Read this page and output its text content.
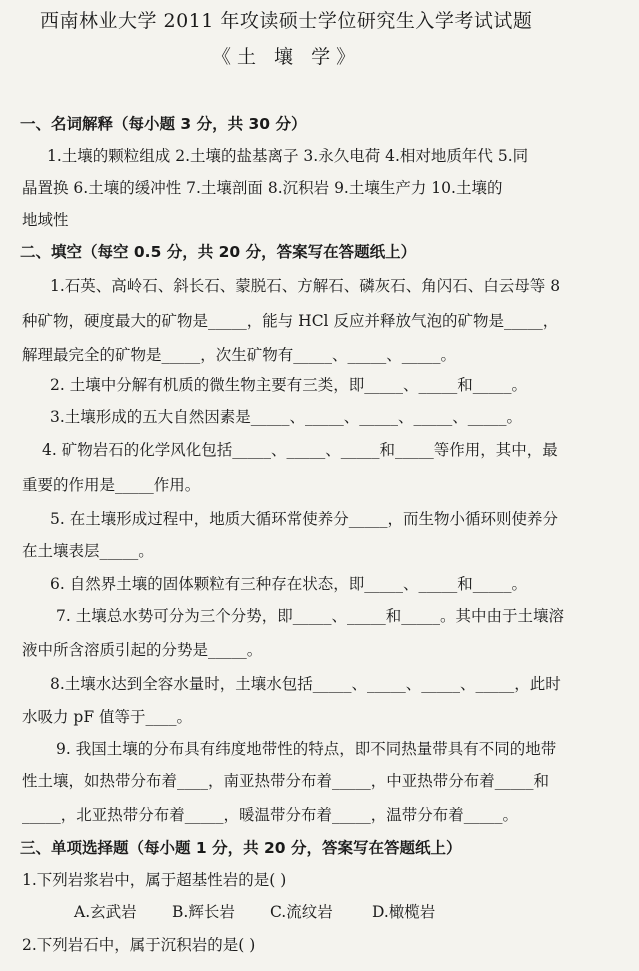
西南林业大学 2011 年攻读硕士学位研究生入学考试试题
《土 壤 学》
一、名词解释（每小题 3 分，共 30 分）
1.土壤的颗粒组成 2.土壤的盐基离子 3.永久电荷 4.相对地质年代 5.同
晶置换 6.土壤的缓冲性 7.土壤剖面 8.沉积岩 9.土壤生产力 10.土壤的
地域性
二、填空（每空 0.5 分，共 20 分，答案写在答题纸上）
1.石英、高岭石、斜长石、蒙脱石、方解石、磷灰石、角闪石、白云母等 8
种矿物，硬度最大的矿物是_____，能与 HCl 反应并释放气泡的矿物是_____，
解理最完全的矿物是_____，次生矿物有_____、_____、_____。
2. 土壤中分解有机质的微生物主要有三类，即_____、_____和_____。
3.土壤形成的五大自然因素是_____、_____、_____、_____、_____。
4. 矿物岩石的化学风化包括_____、_____、_____和_____等作用，其中，最
重要的作用是_____作用。
5. 在土壤形成过程中，地质大循环常使养分_____，而生物小循环则使养分
在土壤表层_____。
6. 自然界土壤的固体颗粒有三种存在状态，即_____、_____和_____。
7. 土壤总水势可分为三个分势，即_____、_____和_____。其中由于土壤溶
液中所含溶质引起的分势是_____。
8.土壤水达到全容水量时，土壤水包括_____、_____、_____、_____，此时
水吸力 pF 值等于____。
9. 我国土壤的分布具有纬度地带性的特点，即不同热量带具有不同的地带
性土壤，如热带分布着____，南亚热带分布着_____，中亚热带分布着_____和
_____，北亚热带分布着_____，暖温带分布着_____，温带分布着_____。
三、单项选择题（每小题 1 分，共 20 分，答案写在答题纸上）
1.下列岩浆岩中，属于超基性岩的是( )
A.玄武岩 B.辉长岩 C.流纹岩	D.橄榄岩
2.下列岩石中，属于沉积岩的是( )
